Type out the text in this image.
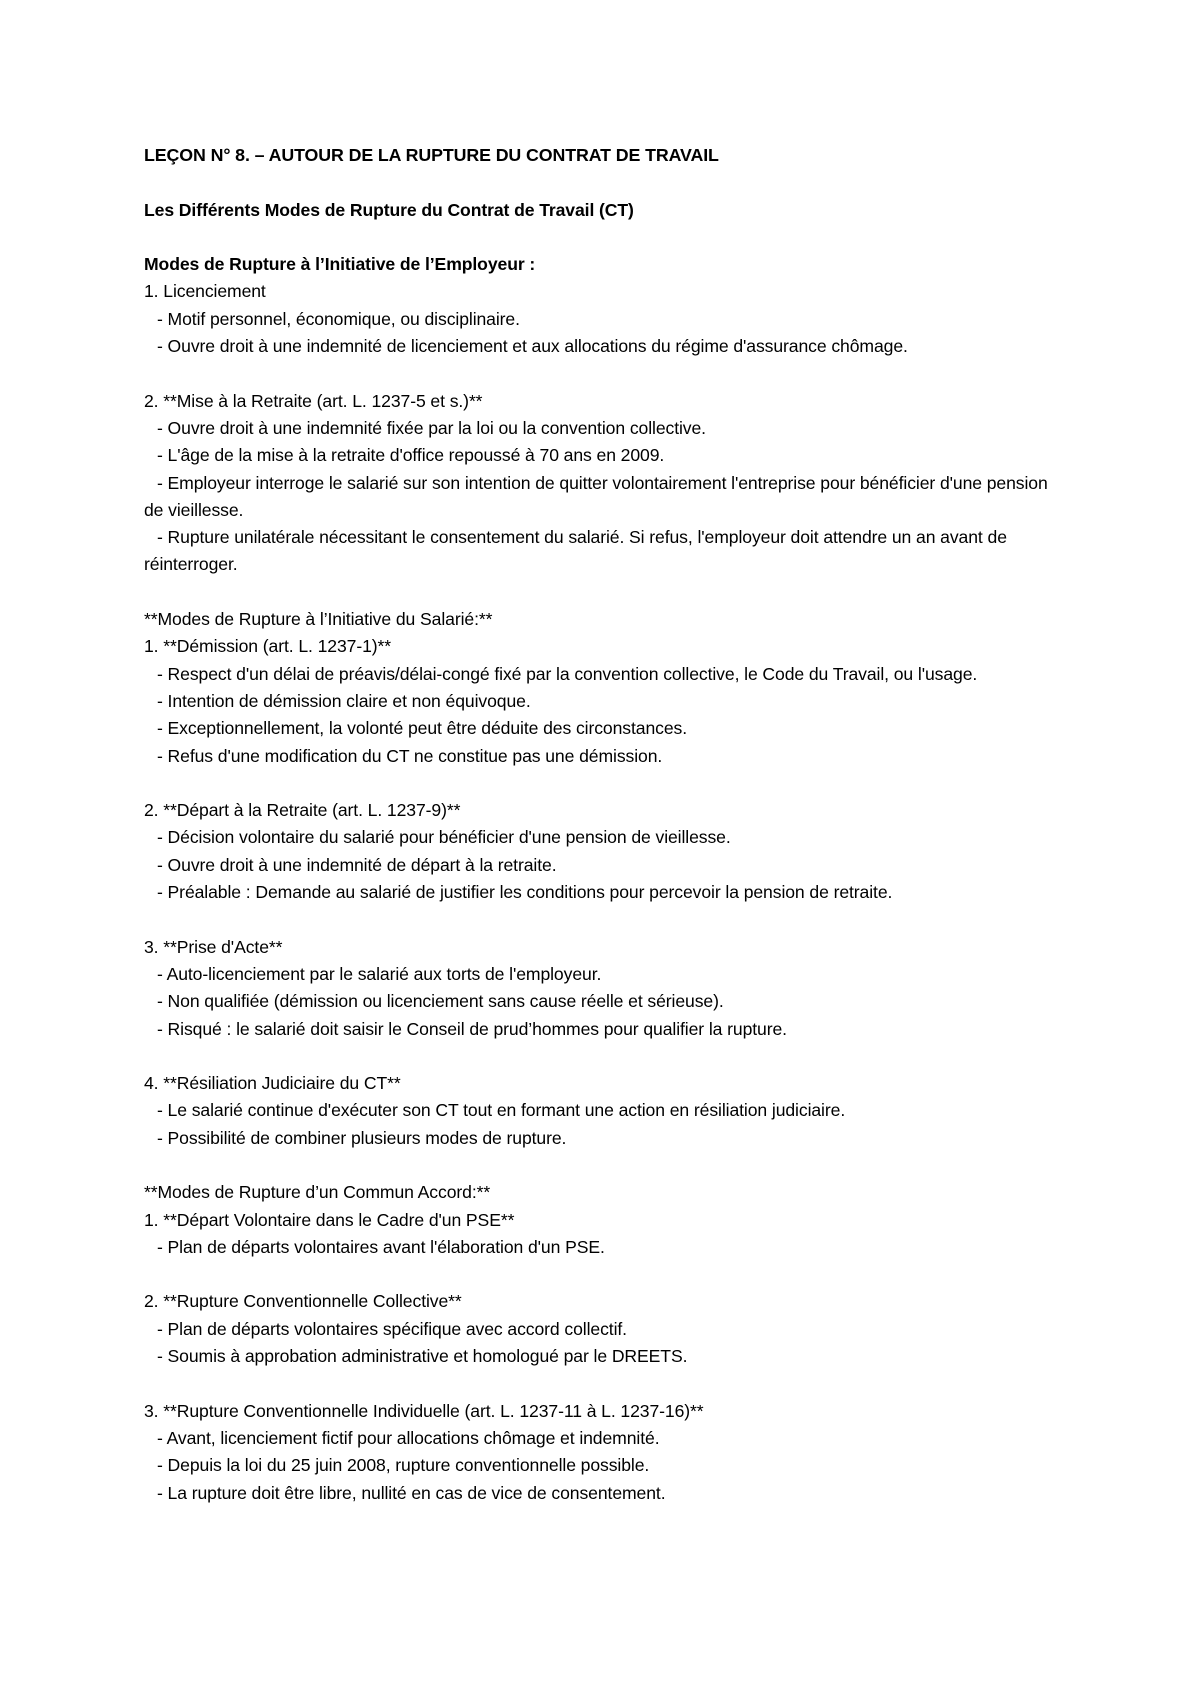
LEÇON N° 8. – AUTOUR DE LA RUPTURE DU CONTRAT DE TRAVAIL
Les Différents Modes de Rupture du Contrat de Travail (CT)
Modes de Rupture à l’Initiative de l’Employeur :
1. Licenciement
- Motif personnel, économique, ou disciplinaire.
- Ouvre droit à une indemnité de licenciement et aux allocations du régime d'assurance chômage.
2. **Mise à la Retraite (art. L. 1237-5 et s.)**
- Ouvre droit à une indemnité fixée par la loi ou la convention collective.
- L'âge de la mise à la retraite d'office repoussé à 70 ans en 2009.
- Employeur interroge le salarié sur son intention de quitter volontairement l'entreprise pour bénéficier d'une pension de vieillesse.
- Rupture unilatérale nécessitant le consentement du salarié. Si refus, l'employeur doit attendre un an avant de réinterroger.
**Modes de Rupture à l’Initiative du Salarié:**
1. **Démission (art. L. 1237-1)**
- Respect d'un délai de préavis/délai-congé fixé par la convention collective, le Code du Travail, ou l'usage.
- Intention de démission claire et non équivoque.
- Exceptionnellement, la volonté peut être déduite des circonstances.
- Refus d'une modification du CT ne constitue pas une démission.
2. **Départ à la Retraite (art. L. 1237-9)**
- Décision volontaire du salarié pour bénéficier d'une pension de vieillesse.
- Ouvre droit à une indemnité de départ à la retraite.
- Préalable : Demande au salarié de justifier les conditions pour percevoir la pension de retraite.
3. **Prise d'Acte**
- Auto-licenciement par le salarié aux torts de l'employeur.
- Non qualifiée (démission ou licenciement sans cause réelle et sérieuse).
- Risqué : le salarié doit saisir le Conseil de prud’hommes pour qualifier la rupture.
4. **Résiliation Judiciaire du CT**
- Le salarié continue d'exécuter son CT tout en formant une action en résiliation judiciaire.
- Possibilité de combiner plusieurs modes de rupture.
**Modes de Rupture d’un Commun Accord:**
1. **Départ Volontaire dans le Cadre d'un PSE**
- Plan de départs volontaires avant l'élaboration d'un PSE.
2. **Rupture Conventionnelle Collective**
- Plan de départs volontaires spécifique avec accord collectif.
- Soumis à approbation administrative et homologué par le DREETS.
3. **Rupture Conventionnelle Individuelle (art. L. 1237-11 à L. 1237-16)**
- Avant, licenciement fictif pour allocations chômage et indemnité.
- Depuis la loi du 25 juin 2008, rupture conventionnelle possible.
- La rupture doit être libre, nullité en cas de vice de consentement.
